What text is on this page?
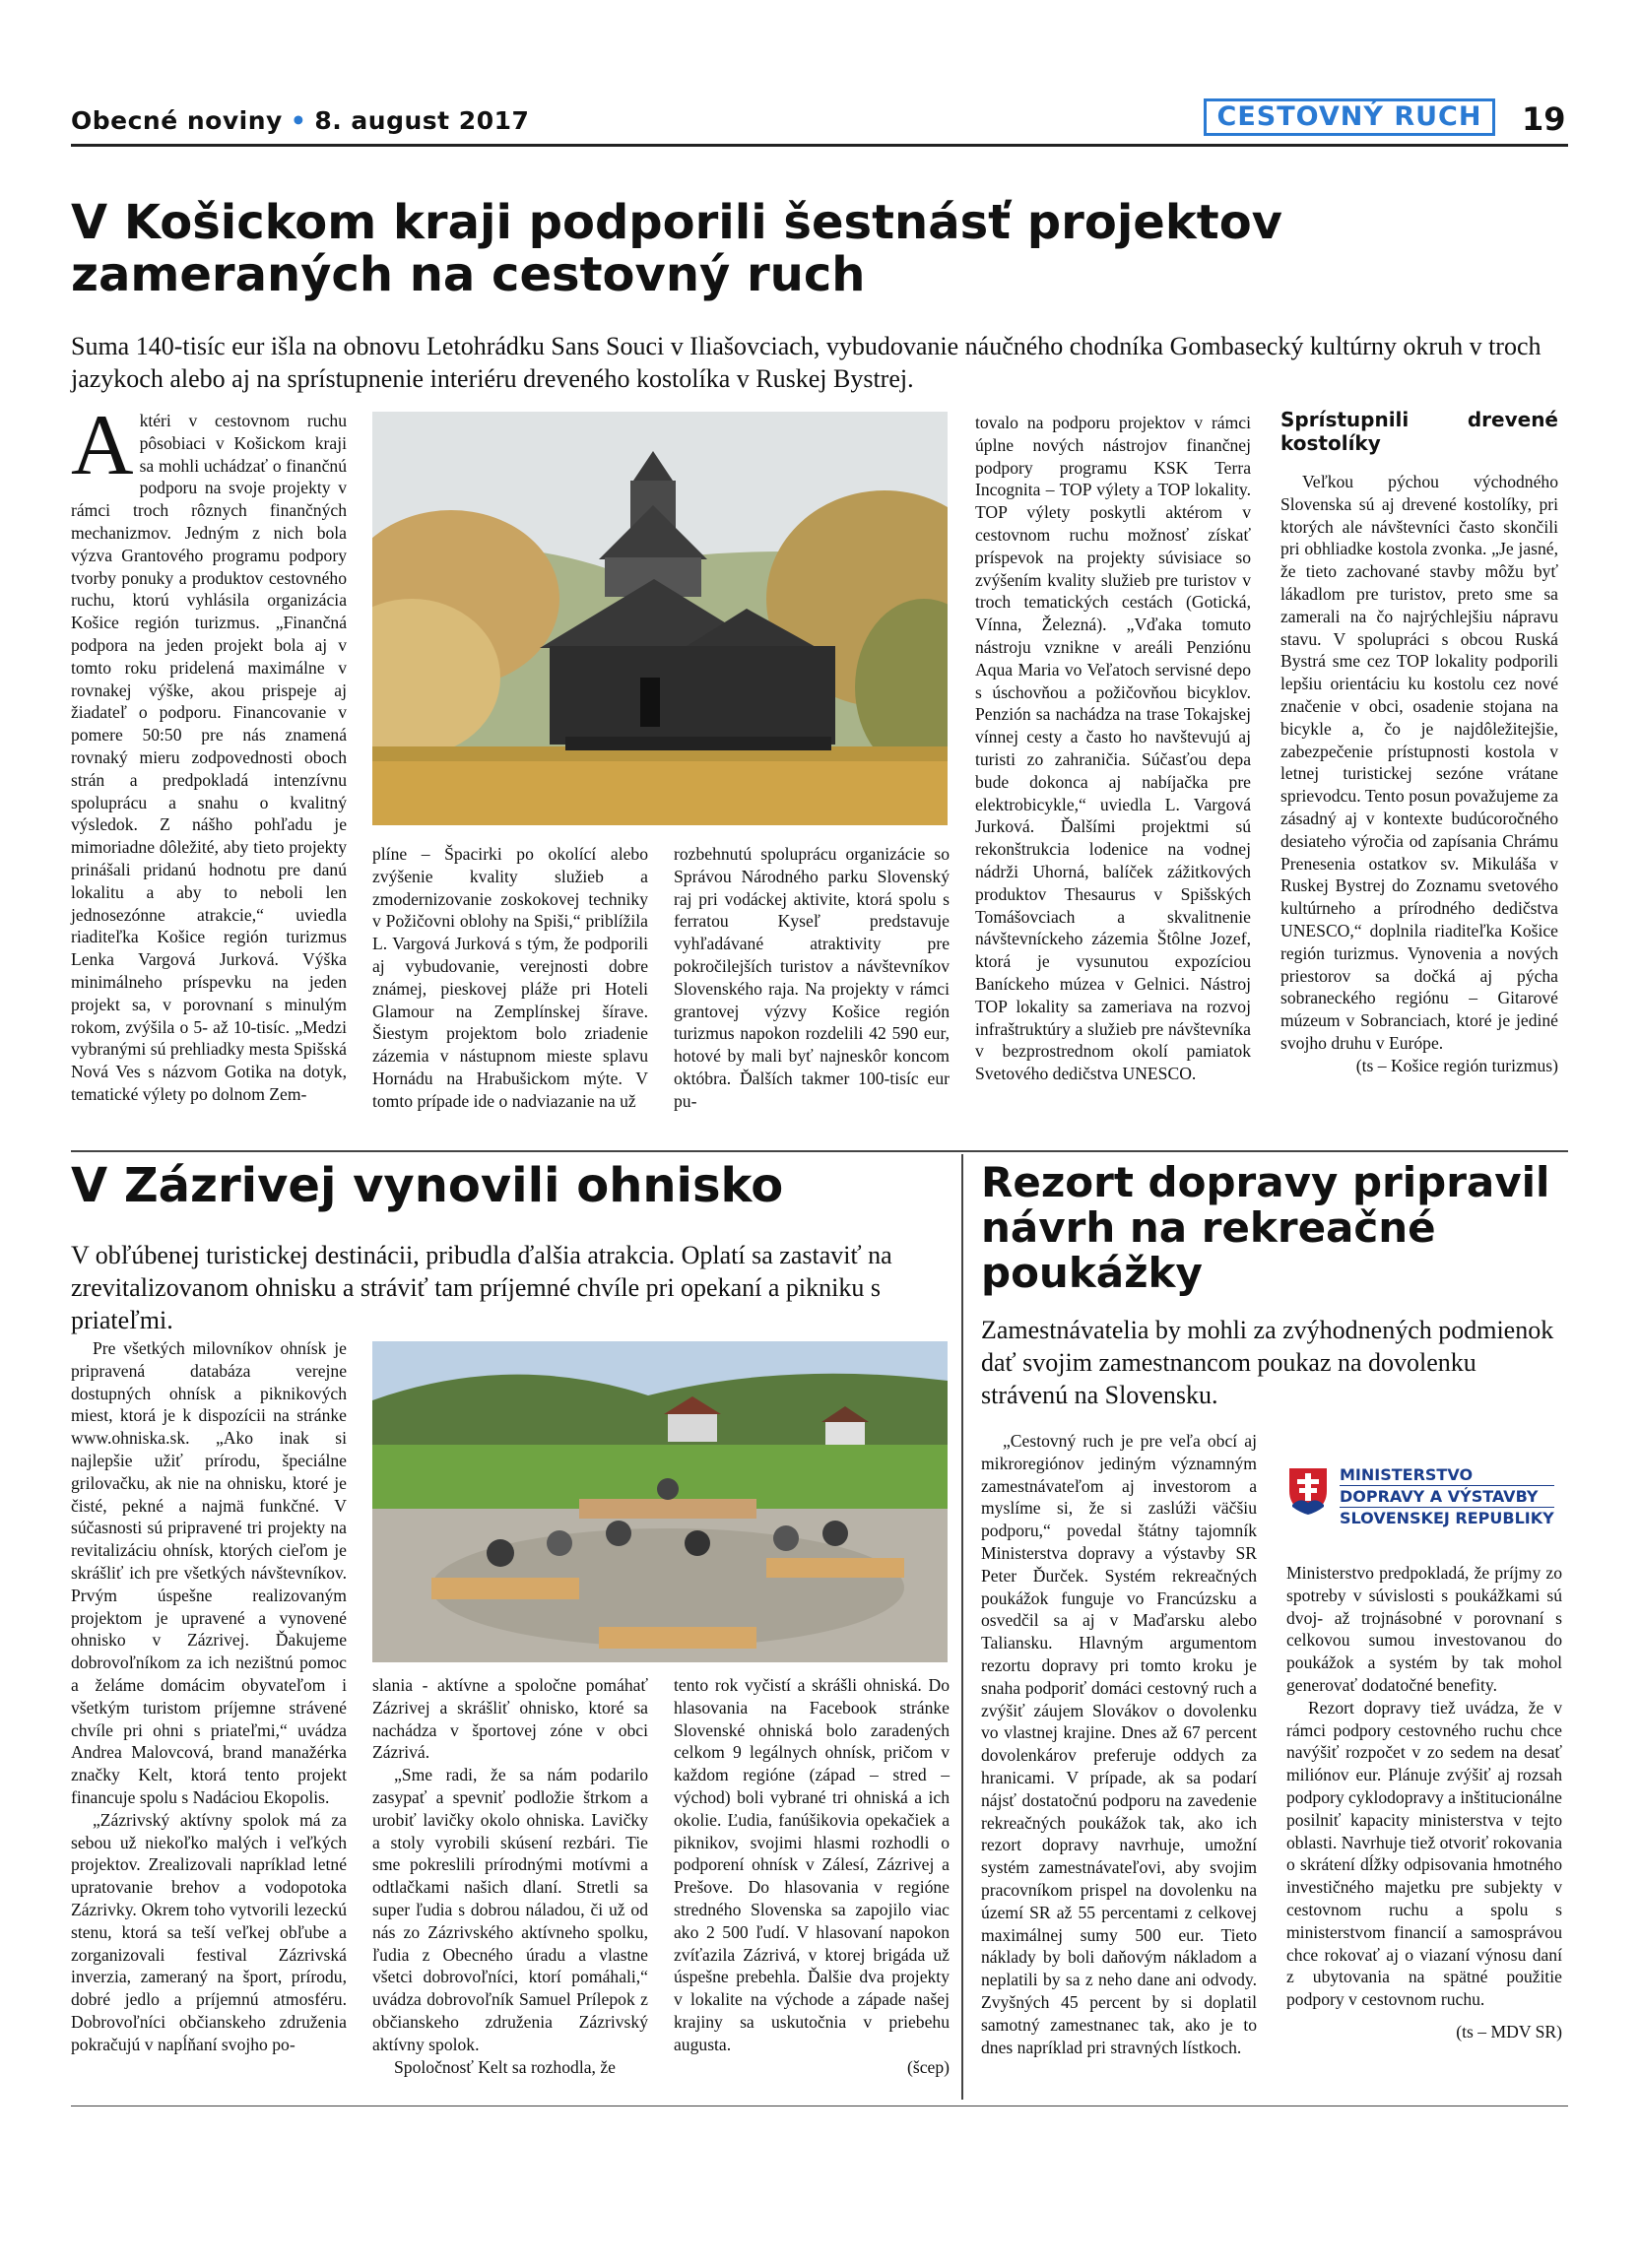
Obecné noviny • 8. august 2017	CESTOVNÝ RUCH	19
V Košickom kraji podporili šestnásť projektov zameraných na cestovný ruch
Suma 140-tisíc eur išla na obnovu Letohrádku Sans Souci v Iliašovciach, vybudovanie náučného chodníka Gombasecký kultúrny okruh v troch jazykoch alebo aj na sprístupnenie interiéru dreveného kostolíka v Ruskej Bystrej.
Aktéri v cestovnom ruchu pôsobiaci v Košickom kraji sa mohli uchádzať o finančnú podporu na svoje projekty v rámci troch rôznych finančných mechanizmov. Jedným z nich bola výzva Grantového programu podpory tvorby ponuky a produktov cestovného ruchu, ktorú vyhlásila organizácia Košice región turizmus. „Finančná podpora na jeden projekt bola aj v tomto roku pridelená maximálne v rovnakej výške, akou prispeje aj žiadateľ o podporu. Financovanie v pomere 50:50 pre nás znamená rovnaký mieru zodpovednosti oboch strán a predpokladá intenzívnu spoluprácu a snahu o kvalitný výsledok. Z nášho pohľadu je mimoriadne dôležité, aby tieto projekty prinášali pridanú hodnotu pre danú lokalitu a aby to neboli len jednosezónne atrakcie,“ uviedla riaditeľka Košice región turizmus Lenka Vargová Jurková. Výška minimálneho príspevku na jeden projekt sa, v porovnaní s minulým rokom, zvýšila o 5- až 10-tisíc. „Medzi vybranými sú prehliadky mesta Spišská Nová Ves s názvom Gotika na dotyk, tematické výlety po dolnom Zem-
plíne – Špacirki po okolící alebo zvýšenie kvality služieb a zmodernizovanie zoskokovej techniky v Požičovni oblohy na Spiši,“ priblížila L. Vargová Jurková s tým, že podporili aj vybudovanie, verejnosti dobre známej, pieskovej pláže pri Hoteli Glamour na Zemplínskej šírave. Šiestym projektom bolo zriadenie zázemia v nástupnom mieste splavu Hornádu na Hrabušickom mýte. V tomto prípade ide o nadviazanie na už
rozbehnutú spoluprácu organizácie so Správou Národného parku Slovenský raj pri vodáckej aktivite, ktorá spolu s ferratou Kyseľ predstavuje vyhľadávané atraktivity pre pokročilejších turistov a návštevníkov Slovenského raja. Na projekty v rámci grantovej výzvy Košice región turizmus napokon rozdelili 42 590 eur, hotové by mali byť najneskôr koncom októbra. Ďalších takmer 100-tisíc eur pu-
tovalo na podporu projektov v rámci úplne nových nástrojov finančnej podpory programu KSK Terra Incognita – TOP výlety a TOP lokality. TOP výlety poskytli aktérom v cestovnom ruchu možnosť získať príspevok na projekty súvisiace so zvýšením kvality služieb pre turistov v troch tematických cestách (Gotická, Vínna, Železná). „Vďaka tomuto nástroju vznikne v areáli Penziónu Aqua Maria vo Veľatoch servisné depo s úschovňou a požičovňou bicyklov. Penzión sa nachádza na trase Tokajskej vínnej cesty a často ho navštevujú aj turisti zo zahraničia. Súčasťou depa bude dokonca aj nabíjačka pre elektrobicykle,“ uviedla L. Vargová Jurková. Ďalšími projektmi sú rekonštrukcia lodenice na vodnej nádrži Uhorná, balíček zážitkových produktov Thesaurus v Spišských Tomášovciach a skvalitnenie návštevníckeho zázemia Štôlne Jozef, ktorá je vysunutou expozíciou Baníckeho múzea v Gelnici. Nástroj TOP lokality sa zameriava na rozvoj infraštruktúry a služieb pre návštevníka v bezprostrednom okolí pamiatok Svetového dedičstva UNESCO.
Sprístupnili drevené kostolíky

Veľkou pýchou východného Slovenska sú aj drevené kostolíky, pri ktorých ale návštevníci často skončili pri obhliadke kostola zvonka. „Je jasné, že tieto zachované stavby môžu byť lákadlom pre turistov, preto sme sa zamerali na čo najrýchlejšiu nápravu stavu. V spolupráci s obcou Ruská Bystrá sme cez TOP lokality podporili lepšiu orientáciu ku kostolu cez nové značenie v obci, osadenie stojana na bicykle a, čo je najdôležitejšie, zabezpečenie prístupnosti kostola v letnej turistickej sezóne vrátane sprievodcu. Tento posun považujeme za zásadný aj v kontexte budúcoročného desiateho výročia od zapísania Chrámu Prenesenia ostatkov sv. Mikuláša v Ruskej Bystrej do Zoznamu svetového kultúrneho a prírodného dedičstva UNESCO,“ doplnila riaditeľka Košice región turizmus. Vynovenia a nových priestorov sa dočká aj pýcha sobraneckého regiónu – Gitarové múzeum v Sobranciach, ktoré je jediné svojho druhu v Európe.

(ts – Košice región turizmus)

V Zázrivej vynovili ohnisko
V obľúbenej turistickej destinácii, pribudla ďalšia atrakcia. Oplatí sa zastaviť na zrevitalizovanom ohnisku a stráviť tam príjemné chvíle pri opekaní a pikniku s priateľmi.

Pre všetkých milovníkov ohnísk je pripravená databáza verejne dostupných ohnísk a piknikových miest, ktorá je k dispozícii na stránke www.ohniska.sk. „Ako inak si najlepšie užiť prírodu, špeciálne grilovačku, ak nie na ohnisku, ktoré je čisté, pekné a najmä funkčné. V súčasnosti sú pripravené tri projekty na revitalizáciu ohnísk, ktorých cieľom je skrášliť ich pre všetkých návštevníkov. Prvým úspešne realizovaným projektom je upravené a vynovené ohnisko v Zázrivej. Ďakujeme dobrovoľníkom za ich nezištnú pomoc a želáme domácim obyvateľom i všetkým turistom príjemne strávené chvíle pri ohni s priateľmi,“ uvádza Andrea Malovcová, brand manažérka značky Kelt, ktorá tento projekt financuje spolu s Nadáciou Ekopolis.

„Zázrivský aktívny spolok má za sebou už niekoľko malých i veľkých projektov. Zrealizovali napríklad letné upratovanie brehov a vodopotoka Zázrivky. Okrem toho vytvorili lezeckú stenu, ktorá sa teší veľkej obľube a zorganizovali festival Zázrivská inverzia, zameraný na šport, prírodu, dobré jedlo a príjemnú atmosféru. Dobrovoľníci občianskeho združenia pokračujú v napĺňaní svojho po-

slania - aktívne a spoločne pomáhať Zázrivej a skrášliť ohnisko, ktoré sa nachádza v športovej zóne v obci Zázrivá.

„Sme radi, že sa nám podarilo zasypať a spevniť podložie štrkom a urobiť lavičky okolo ohniska. Lavičky a stoly vyrobili skúsení rezbári. Tie sme pokreslili prírodnými motívmi a odtlačkami našich dlaní. Stretli sa super ľudia s dobrou náladou, či už od nás zo Zázrivského aktívneho spolku, ľudia z Obecného úradu a vlastne všetci dobrovoľníci, ktorí pomáhali,“ uvádza dobrovoľník Samuel Prílepok z občianskeho združenia Zázrivský aktívny spolok.

Spoločnosť Kelt sa rozhodla, že

tento rok vyčistí a skrášli ohniská. Do hlasovania na Facebook stránke Slovenské ohniská bolo zaradených celkom 9 legálnych ohnísk, pričom v každom regióne (západ – stred – východ) boli vybrané tri ohniská a ich okolie. Ľudia, fanúšikovia opekačiek a piknikov, svojimi hlasmi rozhodli o podporení ohnísk v Zálesí, Zázrivej a Prešove. Do hlasovania v regióne stredného Slovenska sa zapojilo viac ako 2 500 ľudí. V hlasovaní napokon zvíťazila Zázrivá, v ktorej brigáda už úspešne prebehla. Ďalšie dva projekty v lokalite na východe a západe našej krajiny sa uskutočnia v priebehu augusta.

(šcep)

Rezort dopravy pripravil návrh na rekreačné poukážky
Zamestnávatelia by mohli za zvýhodnených podmienok dať svojim zamestnancom poukaz na dovolenku strávenú na Slovensku.

„Cestovný ruch je pre veľa obcí aj mikroregiónov jediným významným zamestnávateľom aj investorom a myslíme si, že si zaslúži väčšiu podporu,“ povedal štátny tajomník Ministerstva dopravy a výstavby SR Peter Ďurček. Systém rekreačných poukážok funguje vo Francúzsku a osvedčil sa aj v Maďarsku alebo Taliansku. Hlavným argumentom rezortu dopravy pri tomto kroku je snaha podporiť domáci cestovný ruch a zvýšiť záujem Slovákov o dovolenku vo vlastnej krajine. Dnes až 67 percent dovolenkárov preferuje oddych za hranicami. V prípade, ak sa podarí nájsť dostatočnú podporu na zavedenie rekreačných poukážok tak, ako ich rezort dopravy navrhuje, umožní systém zamestnávateľovi, aby svojim pracovníkom prispel na dovolenku na území SR až 55 percentami z celkovej maximálnej sumy 500 eur. Tieto náklady by boli daňovým nákladom a neplatili by sa z neho dane ani odvody. Zvyšných 45 percent by si doplatil samotný zamestnanec tak, ako je to dnes napríklad pri stravných lístkoch.

MINISTERSTVO
DOPRAVY A VÝSTAVBY
SLOVENSKEJ REPUBLIKY

Ministerstvo predpokladá, že príjmy zo spotreby v súvislosti s poukážkami sú dvoj- až trojnásobné v porovnaní s celkovou sumou investovanou do poukážok a systém by tak mohol generovať dodatočné benefity.

Rezort dopravy tiež uvádza, že v rámci podpory cestovného ruchu chce navýšiť rozpočet v zo sedem na desať miliónov eur. Plánuje zvýšiť aj rozsah podpory cyklodopravy a inštitucionálne posilniť kapacity ministerstva v tejto oblasti. Navrhuje tiež otvoriť rokovania o skrátení dĺžky odpisovania hmotného investičného majetku pre subjekty v cestovnom ruchu a spolu s ministerstvom financií a samosprávou chce rokovať aj o viazaní výnosu daní z ubytovania na spätné použitie podpory v cestovnom ruchu.

(ts – MDV SR)
